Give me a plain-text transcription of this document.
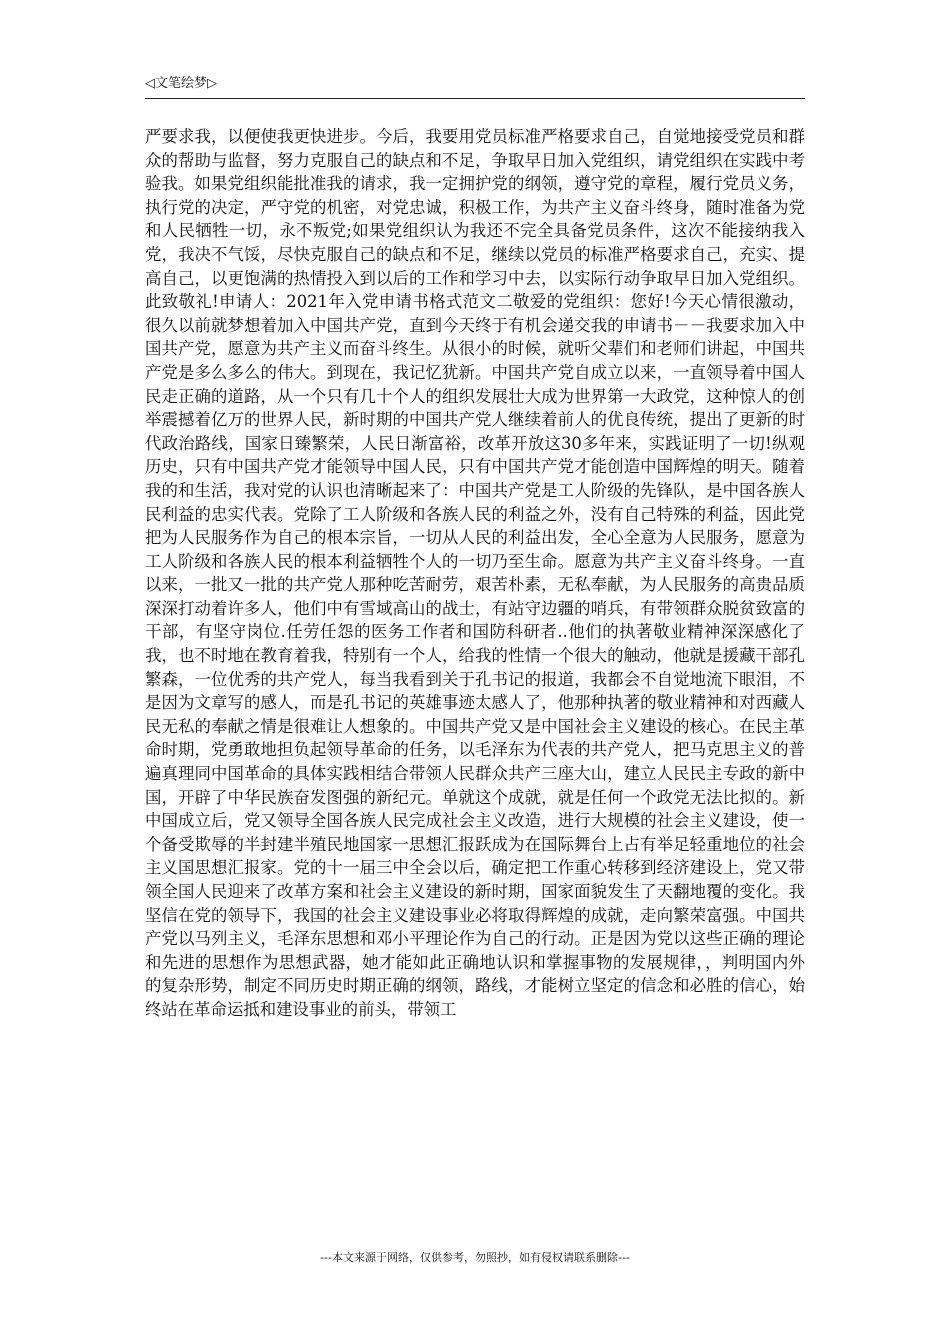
◁文笔绘梦▷

严要求我，以便使我更快进步。今后，我要用党员标准严格要求自己，自觉地接受党员和群众的帮助与监督，努力克服自己的缺点和不足，争取早日加入党组织，请党组织在实践中考验我。如果党组织能批准我的请求，我一定拥护党的纲领，遵守党的章程，履行党员义务，执行党的决定，严守党的机密，对党忠诚，积极工作，为共产主义奋斗终身，随时准备为党和人民牺牲一切，永不叛党;如果党组织认为我还不完全具备党员条件，这次不能接纳我入党，我决不气馁，尽快克服自己的缺点和不足，继续以党员的标准严格要求自己，充实、提高自己，以更饱满的热情投入到以后的工作和学习中去，以实际行动争取早日加入党组织。此致敬礼!申请人：2021年入党申请书格式范文二敬爱的党组织：您好!今天心情很激动，很久以前就梦想着加入中国共产党，直到今天终于有机会递交我的申请书－－我要求加入中国共产党，愿意为共产主义而奋斗终生。从很小的时候，就听父辈们和老师们讲起，中国共产党是多么多么的伟大。到现在，我记忆犹新。中国共产党自成立以来，一直领导着中国人民走正确的道路，从一个只有几十个人的组织发展壮大成为世界第一大政党，这种惊人的创举震撼着亿万的世界人民，新时期的中国共产党人继续着前人的优良传统，提出了更新的时代政治路线，国家日臻繁荣，人民日渐富裕，改革开放这30多年来，实践证明了一切!纵观历史，只有中国共产党才能领导中国人民，只有中国共产党才能创造中国辉煌的明天。随着我的和生活，我对党的认识也清晰起来了：中国共产党是工人阶级的先锋队，是中国各族人民利益的忠实代表。党除了工人阶级和各族人民的利益之外，没有自己特殊的利益，因此党把为人民服务作为自己的根本宗旨，一切从人民的利益出发，全心全意为人民服务，愿意为工人阶级和各族人民的根本利益牺牲个人的一切乃至生命。愿意为共产主义奋斗终身。一直以来，一批又一批的共产党人那种吃苦耐劳，艰苦朴素，无私奉献，为人民服务的高贵品质深深打动着许多人，他们中有雪域高山的战士，有站守边疆的哨兵，有带领群众脱贫致富的干部，有坚守岗位.任劳任怨的医务工作者和国防科研者..他们的执著敬业精神深深感化了我，也不时地在教育着我，特别有一个人，给我的性情一个很大的触动，他就是援藏干部孔繁森，一位优秀的共产党人，每当我看到关于孔书记的报道，我都会不自觉地流下眼泪，不是因为文章写的感人，而是孔书记的英雄事迹太感人了，他那种执著的敬业精神和对西藏人民无私的奉献之情是很难让人想象的。中国共产党又是中国社会主义建设的核心。在民主革命时期，党勇敢地担负起领导革命的任务，以毛泽东为代表的共产党人，把马克思主义的普遍真理同中国革命的具体实践相结合带领人民群众共产三座大山，建立人民民主专政的新中国，开辟了中华民族奋发图强的新纪元。单就这个成就，就是任何一个政党无法比拟的。新中国成立后，党又领导全国各族人民完成社会主义改造，进行大规模的社会主义建设，使一个备受欺辱的半封建半殖民地国家一思想汇报跃成为在国际舞台上占有举足轻重地位的社会主义国思想汇报家。党的十一届三中全会以后，确定把工作重心转移到经济建设上，党又带领全国人民迎来了改革方案和社会主义建设的新时期，国家面貌发生了天翻地覆的变化。我坚信在党的领导下，我国的社会主义建设事业必将取得辉煌的成就，走向繁荣富强。中国共产党以马列主义，毛泽东思想和邓小平理论作为自己的行动。正是因为党以这些正确的理论和先进的思想作为思想武器，她才能如此正确地认识和掌握事物的发展规律，，判明国内外的复杂形势，制定不同历史时期正确的纲领，路线，才能树立坚定的信念和必胜的信心，始终站在革命运抵和建设事业的前头，带领工

---本文来源于网络，仅供参考，勿照抄，如有侵权请联系删除---
